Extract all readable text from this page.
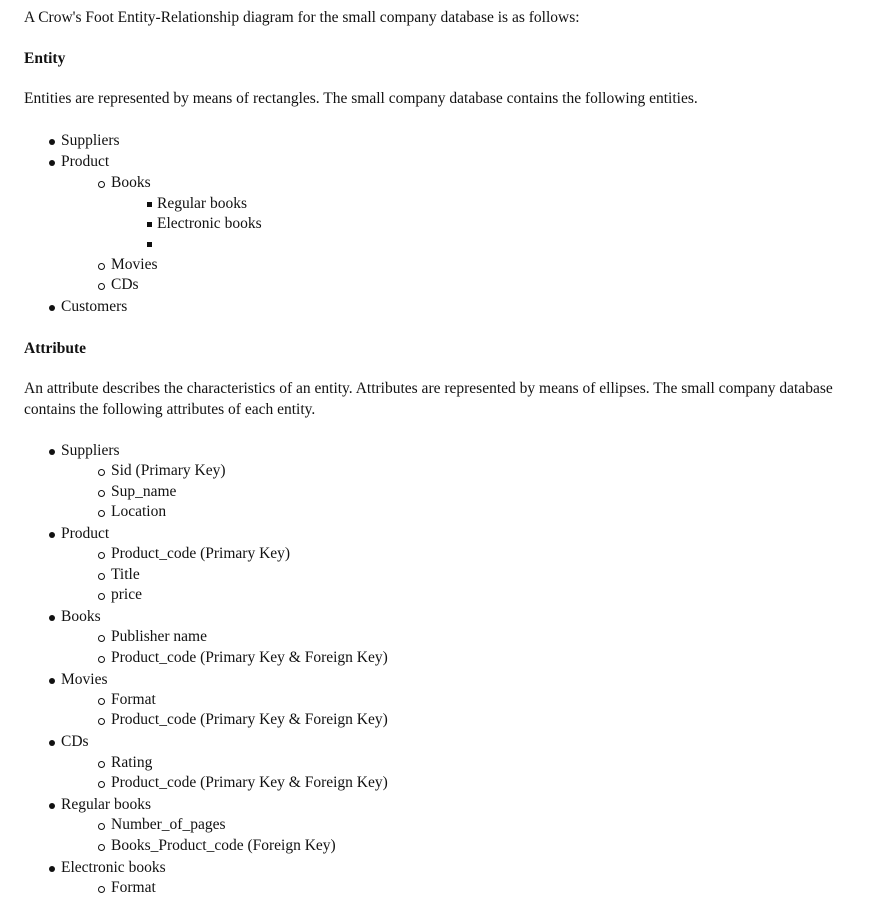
A Crow's Foot Entity-Relationship diagram for the small company database is as follows:
Entity
Entities are represented by means of rectangles. The small company database contains the following entities.
Suppliers
Product
Books
Regular books
Electronic books
Movies
CDs
Customers
Attribute
An attribute describes the characteristics of an entity. Attributes are represented by means of ellipses. The small company database contains the following attributes of each entity.
Suppliers
Sid (Primary Key)
Sup_name
Location
Product
Product_code (Primary Key)
Title
price
Books
Publisher name
Product_code (Primary Key & Foreign Key)
Movies
Format
Product_code (Primary Key & Foreign Key)
CDs
Rating
Product_code (Primary Key & Foreign Key)
Regular books
Number_of_pages
Books_Product_code (Foreign Key)
Electronic books
Format
